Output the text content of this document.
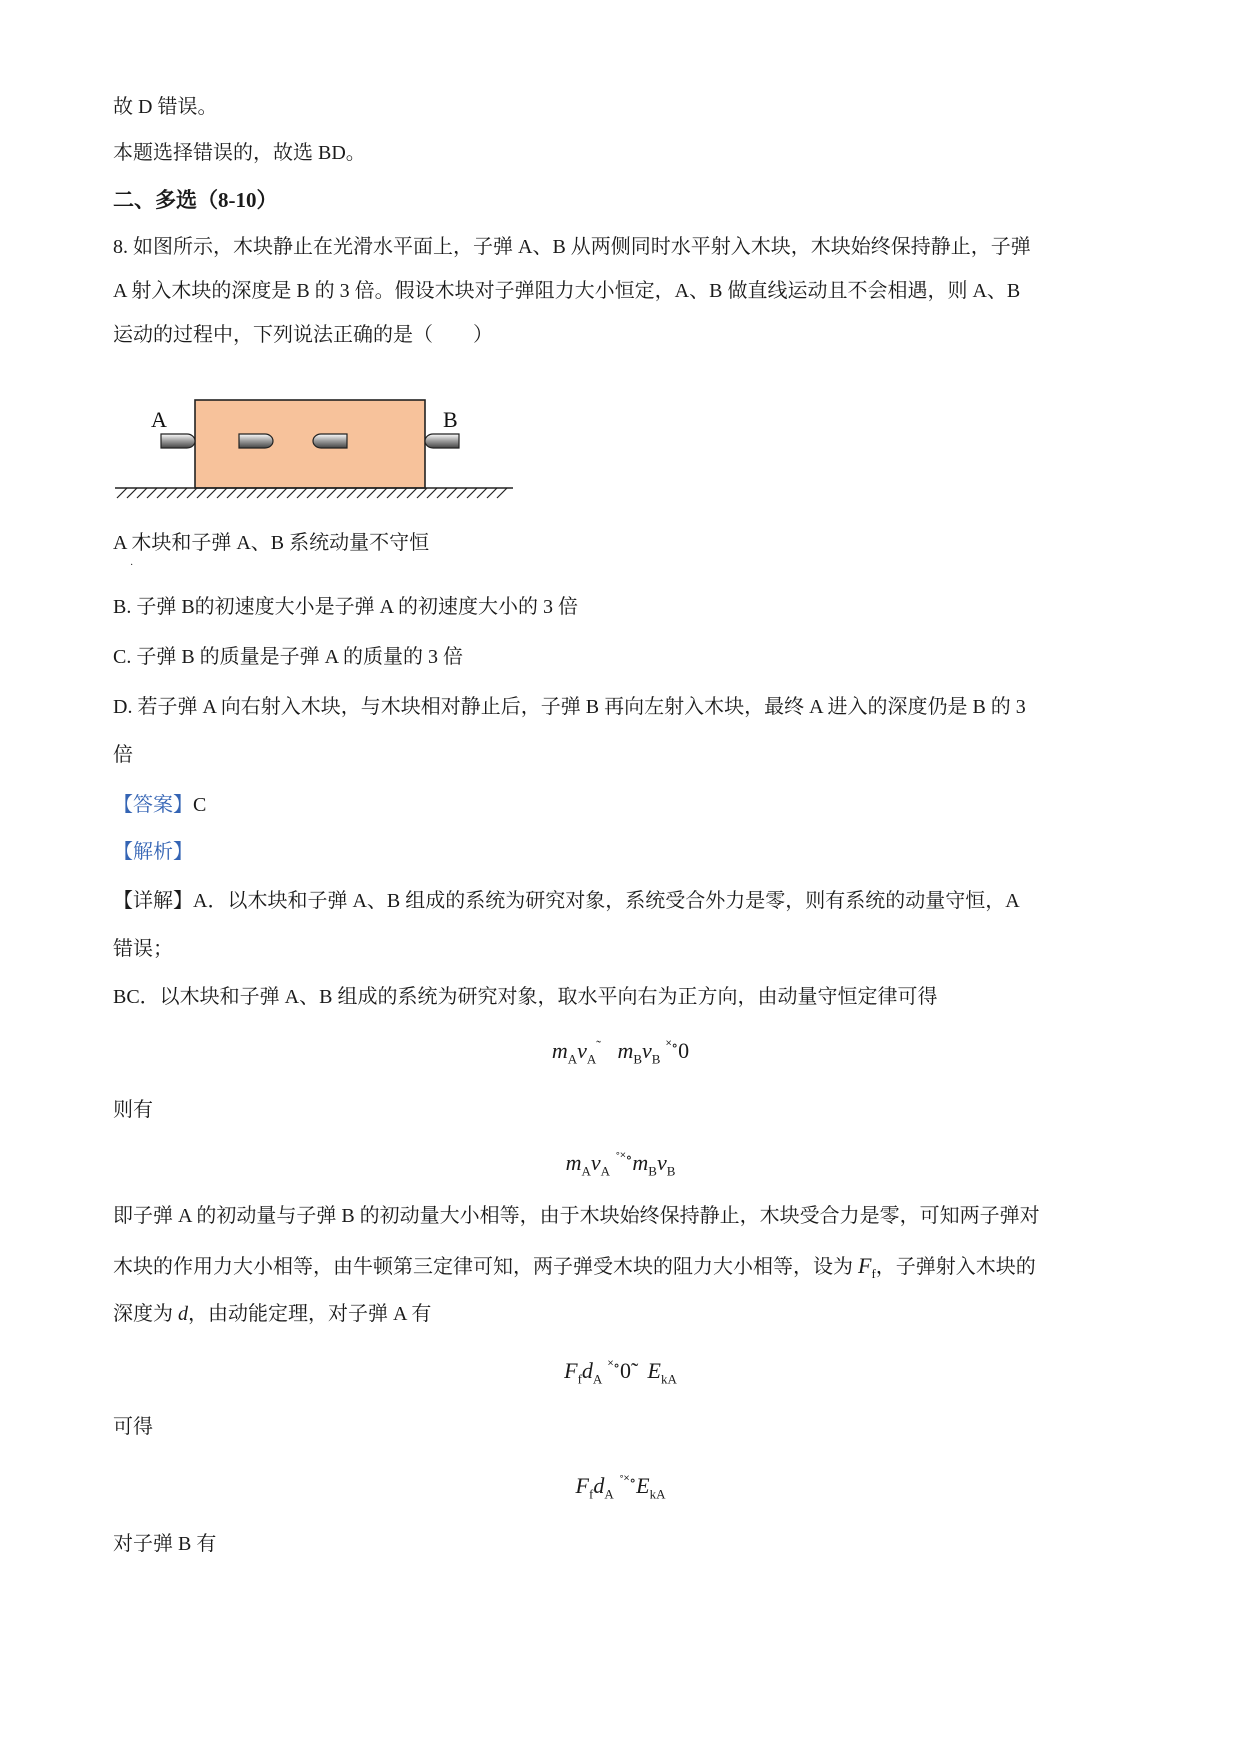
故 D 错误。
本题选择错误的，故选 BD。
二、多选（8-10）
8. 如图所示，木块静止在光滑水平面上，子弹 A、B 从两侧同时水平射入木块，木块始终保持静止，子弹
A 射入木块的深度是 B 的 3 倍。假设木块对子弹阻力大小恒定，A、B 做直线运动且不会相遇，则 A、B
运动的过程中，下列说法正确的是（　　）
A	B
A 木块和子弹 A、B 系统动量不守恒
·
B. 子弹 B的初速度大小是子弹 A 的初速度大小的 3 倍
C. 子弹 B 的质量是子弹 A 的质量的 3 倍
D. 若子弹 A 向右射入木块，与木块相对静止后，子弹 B 再向左射入木块，最终 A 进入的深度仍是 B 的 3
倍
【答案】C
【解析】
【详解】A．以木块和子弹 A、B 组成的系统为研究对象，系统受合外力是零，则有系统的动量守恒，A
错误；
BC．以木块和子弹 A、B 组成的系统为研究对象，取水平向右为正方向，由动量守恒定律可得
$m_Av_A^˜$ $m_Bv_B$ ˟∘0
则有
$m_Av_A$ $^{˚˟\circ}m_Bv_B$
即子弹 A 的初动量与子弹 B 的初动量大小相等，由于木块始终保持静止，木块受合力是零，可知两子弹对
木块的作用力大小相等，由牛顿第三定律可知，两子弹受木块的阻力大小相等，设为 $F_f$，子弹射入木块的
深度为 d，由动能定理，对子弹 A 有
$F_fd_A$ ˟∘0̃ $E_{kA}$
可得
$F_fd_A$ $^{˚˟\circ}E_{kA}$
对子弹 B 有
